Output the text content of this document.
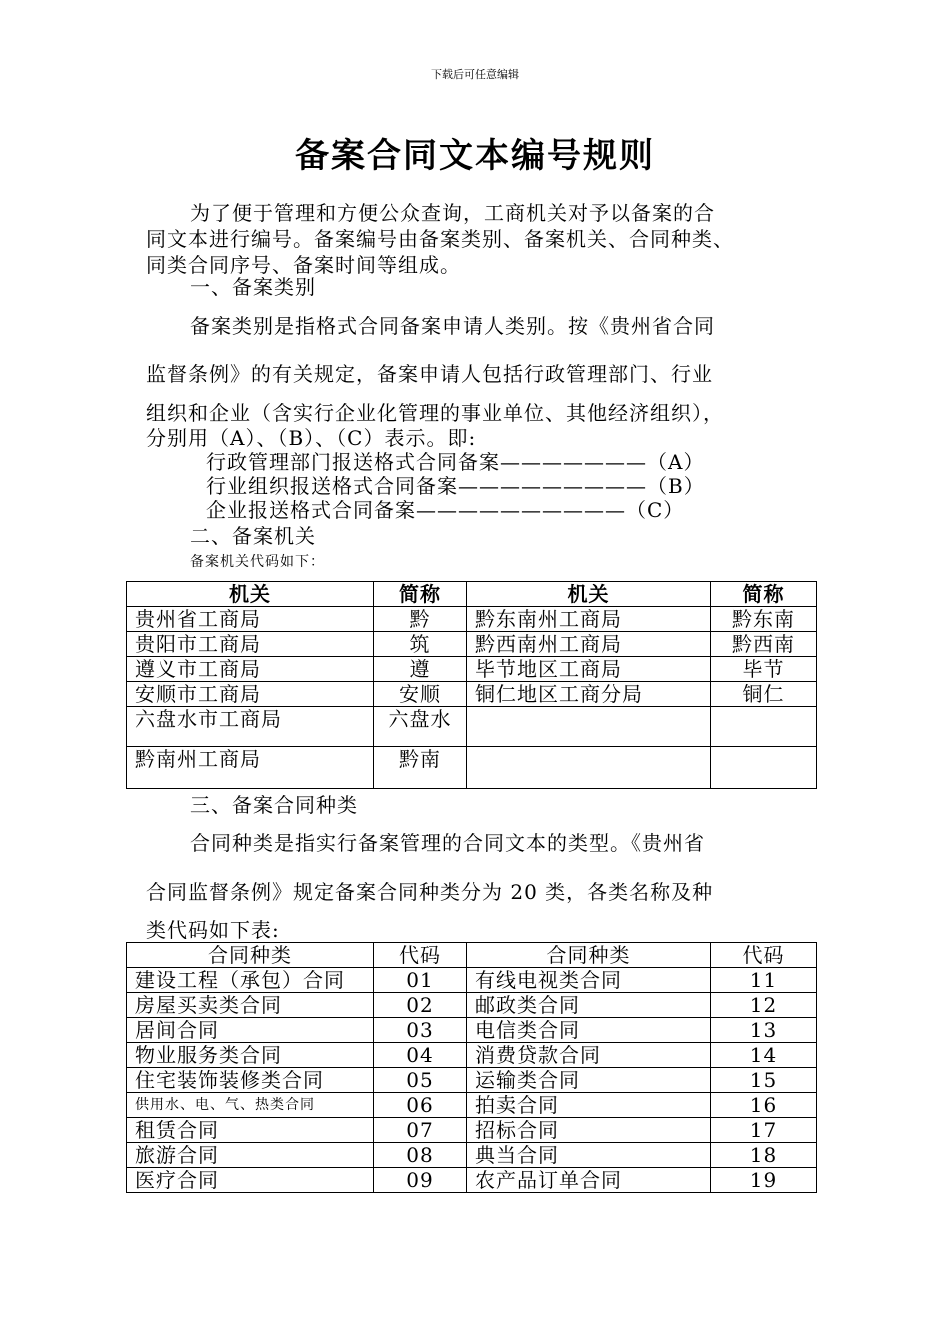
下载后可任意编辑
备案合同文本编号规则

为了便于管理和方便公众查询，工商机关对予以备案的合

同文本进行编号。备案编号由备案类别、备案机关、合同种类、

同类合同序号、备案时间等组成。

一、备案类别

备案类别是指格式合同备案申请人类别。按《贵州省合同

监督条例》的有关规定，备案申请人包括行政管理部门、行业

组织和企业（含实行企业化管理的事业单位、其他经济组织），

分别用（A）、（B）、（C）表示。即:

行政管理部门报送格式合同备案———————（A）

行业组织报送格式合同备案—————————（B）

企业报送格式合同备案——————————（C）

二、备案机关

备案机关代码如下：

机关	简称	机关	简称
贵州省工商局	黔	黔东南州工商局	黔东南
贵阳市工商局	筑	黔西南州工商局	黔西南
遵义市工商局	遵	毕节地区工商局	毕节
安顺市工商局	安顺	铜仁地区工商分局	铜仁
六盘水市工商局	六盘水		
黔南州工商局	黔南		

三、备案合同种类

合同种类是指实行备案管理的合同文本的类型。《贵州省

合同监督条例》规定备案合同种类分为 20 类，各类名称及种

类代码如下表:

合同种类	代码	合同种类	代码
建设工程（承包）合同	01	有线电视类合同	11
房屋买卖类合同	02	邮政类合同	12
居间合同	03	电信类合同	13
物业服务类合同	04	消费贷款合同	14
住宅装饰装修类合同	05	运输类合同	15
供用水、电、气、热类合同	06	拍卖合同	16
租赁合同	07	招标合同	17
旅游合同	08	典当合同	18
医疗合同	09	农产品订单合同	19
